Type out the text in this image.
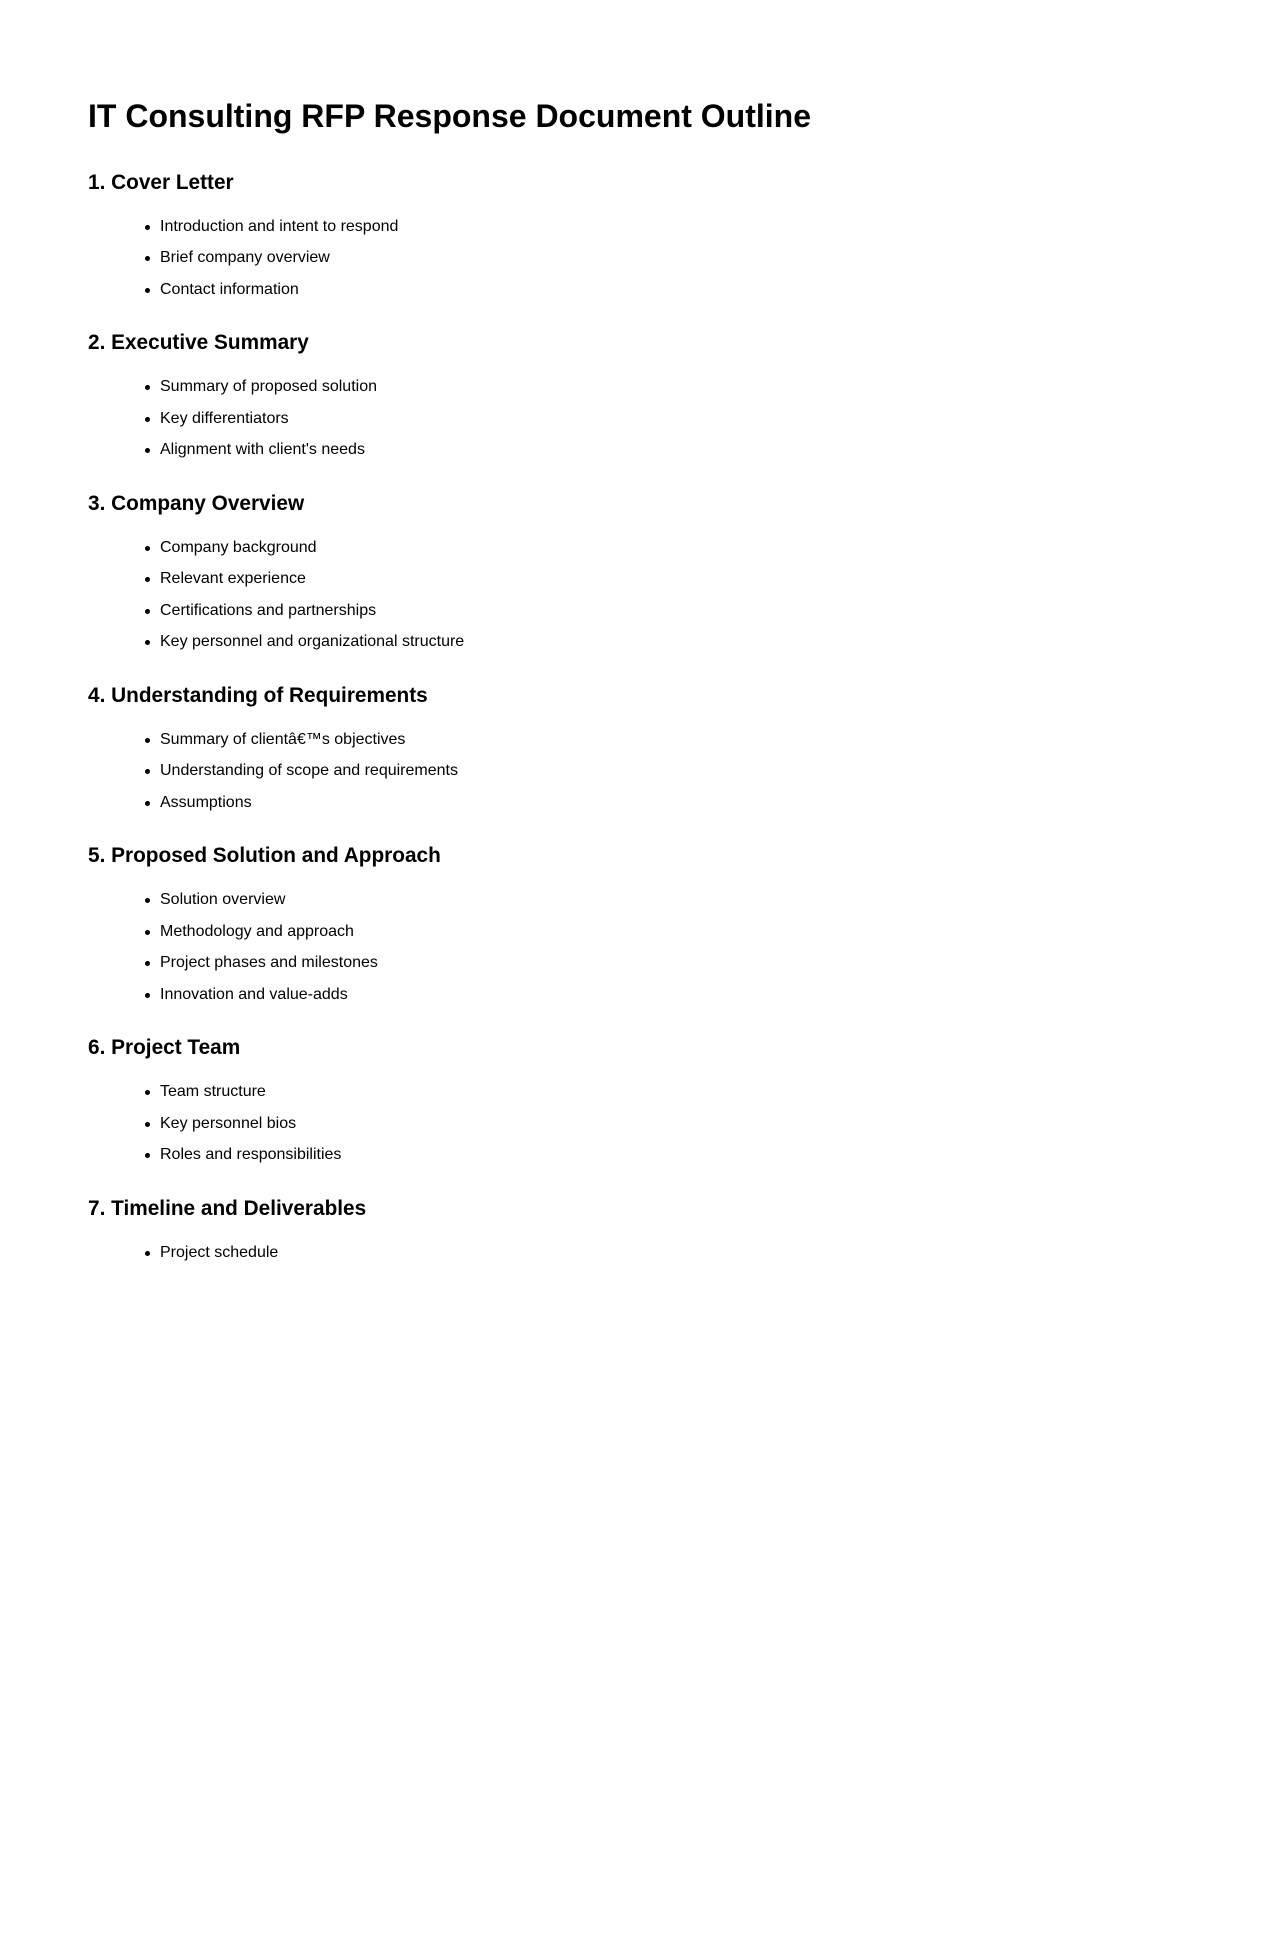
IT Consulting RFP Response Document Outline
1. Cover Letter
Introduction and intent to respond
Brief company overview
Contact information
2. Executive Summary
Summary of proposed solution
Key differentiators
Alignment with client's needs
3. Company Overview
Company background
Relevant experience
Certifications and partnerships
Key personnel and organizational structure
4. Understanding of Requirements
Summary of clientâ€™s objectives
Understanding of scope and requirements
Assumptions
5. Proposed Solution and Approach
Solution overview
Methodology and approach
Project phases and milestones
Innovation and value-adds
6. Project Team
Team structure
Key personnel bios
Roles and responsibilities
7. Timeline and Deliverables
Project schedule
